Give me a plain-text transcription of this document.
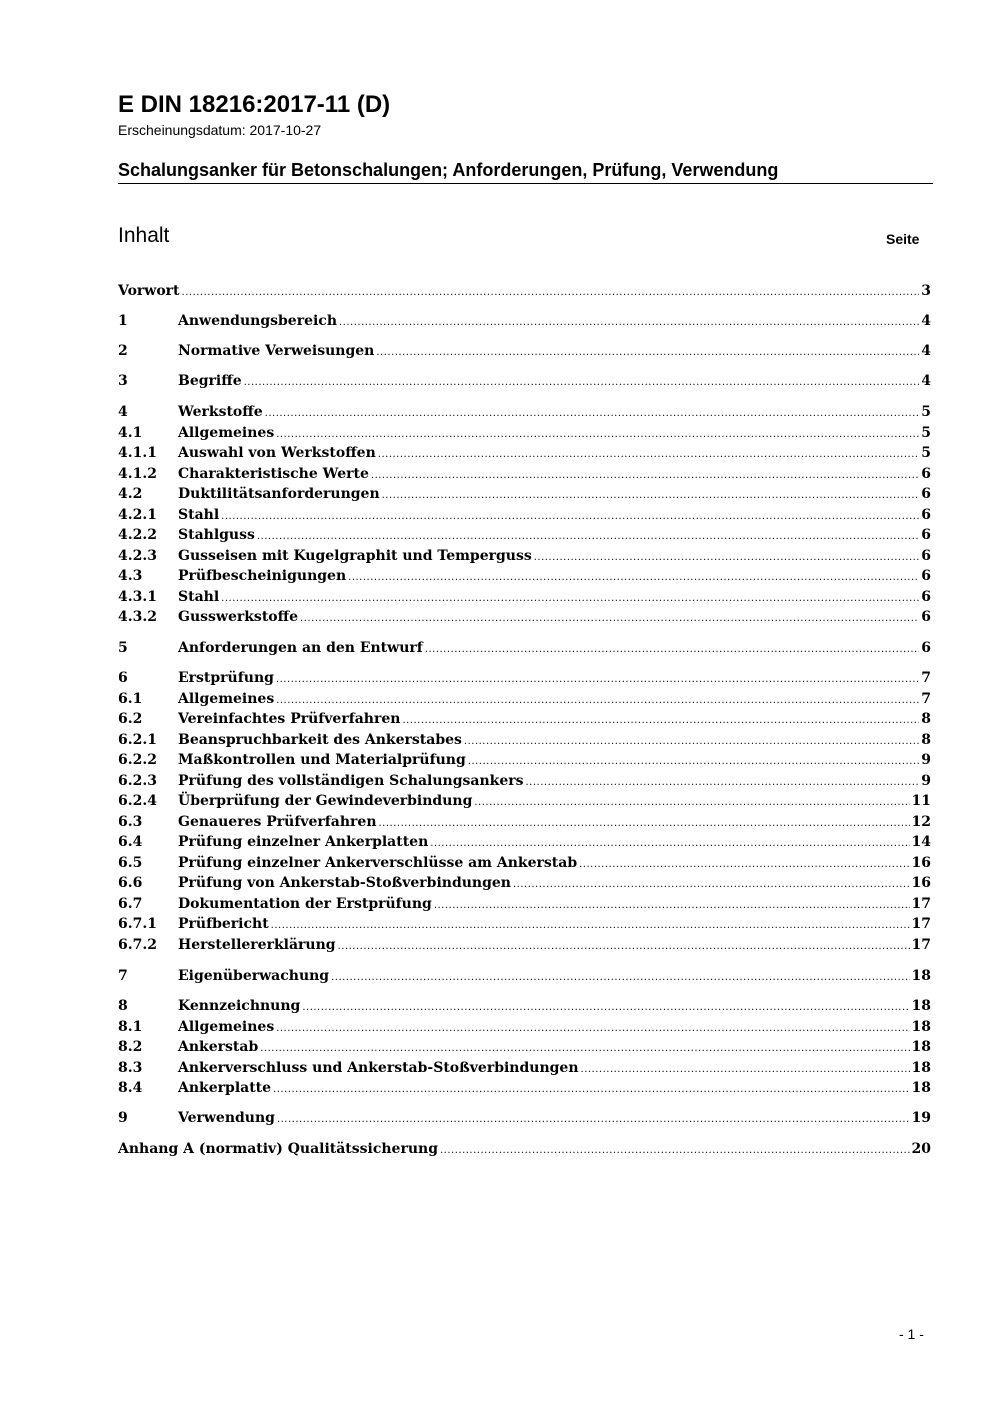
E DIN 18216:2017-11 (D)
Erscheinungsdatum: 2017-10-27
Schalungsanker für Betonschalungen; Anforderungen, Prüfung, Verwendung
Inhalt	Seite
Vorwort .....	3
1	Anwendungsbereich .....	4
2	Normative Verweisungen .....	4
3	Begriffe .....	4
4	Werkstoffe .....	5
4.1	Allgemeines .....	5
4.1.1	Auswahl von Werkstoffen .....	5
4.1.2	Charakteristische Werte .....	6
4.2	Duktilitätsanforderungen .....	6
4.2.1	Stahl .....	6
4.2.2	Stahlguss .....	6
4.2.3	Gusseisen mit Kugelgraphit und Temperguss .....	6
4.3	Prüfbescheinigungen .....	6
4.3.1	Stahl .....	6
4.3.2	Gusswerkstoffe .....	6
5	Anforderungen an den Entwurf .....	6
6	Erstprüfung .....	7
6.1	Allgemeines .....	7
6.2	Vereinfachtes Prüfverfahren .....	8
6.2.1	Beanspruchbarkeit des Ankerstabes .....	8
6.2.2	Maßkontrollen und Materialprüfung .....	9
6.2.3	Prüfung des vollständigen Schalungsankers .....	9
6.2.4	Überprüfung der Gewindeverbindung .....	11
6.3	Genaueres Prüfverfahren .....	12
6.4	Prüfung einzelner Ankerplatten .....	14
6.5	Prüfung einzelner Ankerverschlüsse am Ankerstab .....	16
6.6	Prüfung von Ankerstab-Stoßverbindungen .....	16
6.7	Dokumentation der Erstprüfung .....	17
6.7.1	Prüfbericht .....	17
6.7.2	Herstellererklärung .....	17
7	Eigenüberwachung .....	18
8	Kennzeichnung .....	18
8.1	Allgemeines .....	18
8.2	Ankerstab .....	18
8.3	Ankerverschluss und Ankerstab-Stoßverbindungen .....	18
8.4	Ankerplatte .....	18
9	Verwendung .....	19
Anhang A (normativ) Qualitätssicherung .....	20
- 1 -
